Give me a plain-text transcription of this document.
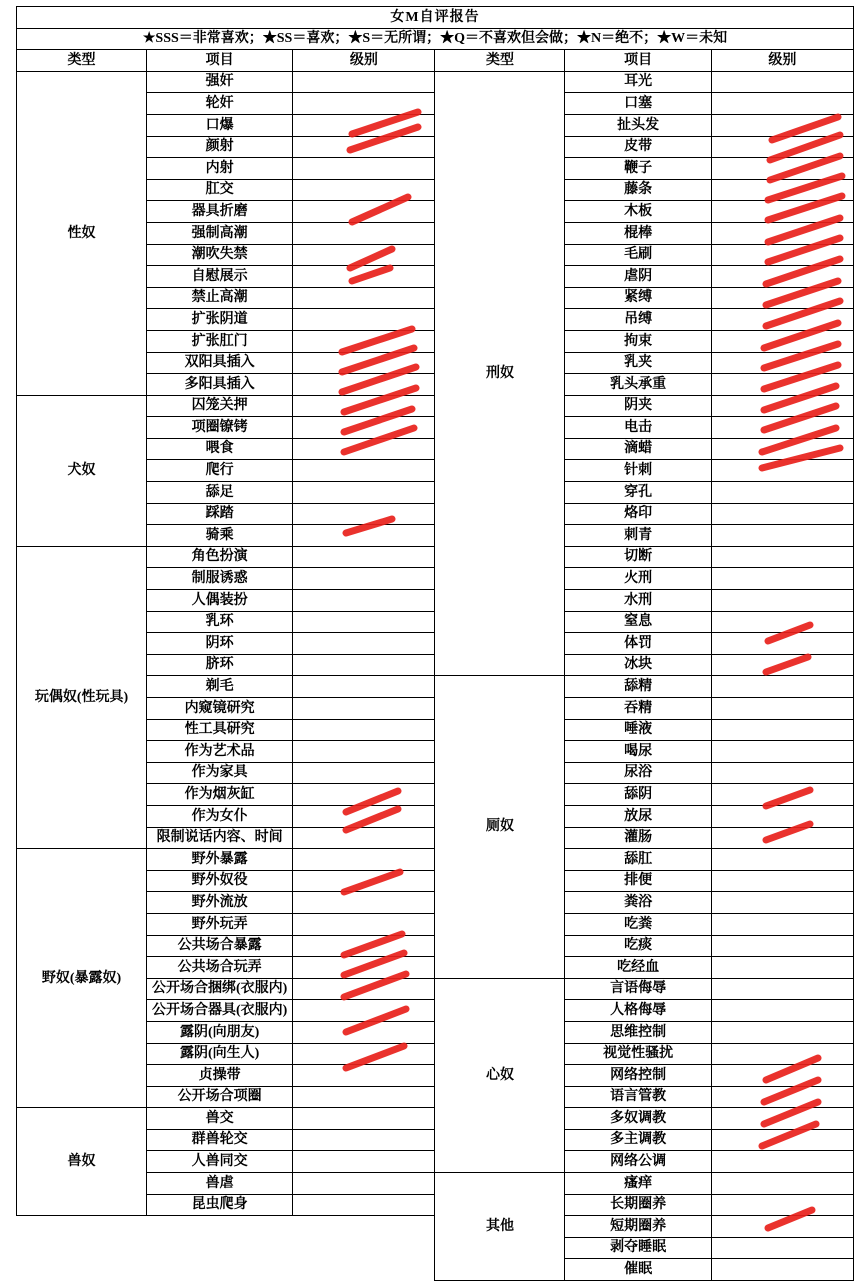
女M自评报告					
★SSS＝非常喜欢；★SS＝喜欢；★S＝无所谓；★Q＝不喜欢但会做；★N＝绝不；★W＝未知					
类型	项目	级别	类型	项目	级别
性奴	强奸		刑奴	耳光	
	轮奸			口塞	
	口爆			扯头发	
	颜射			皮带	
	内射			鞭子	
	肛交			藤条	
	器具折磨			木板	
	强制高潮			棍棒	
	潮吹失禁			毛刷	
	自慰展示			虐阴	
	禁止高潮			紧缚	
	扩张阴道			吊缚	
	扩张肛门			拘束	
	双阳具插入			乳夹	
	多阳具插入			乳头承重	
犬奴	囚笼关押			阴夹	
	项圈镣铐			电击	
	喂食			滴蜡	
	爬行			针刺	
	舔足			穿孔	
	踩踏			烙印	
	骑乘			刺青	
玩偶奴(性玩具)	角色扮演			切断	
	制服诱惑			火刑	
	人偶装扮			水刑	
	乳环			窒息	
	阴环			体罚	
	脐环			冰块	
	剃毛		厕奴	舔精	
	内窥镜研究			吞精	
	性工具研究			唾液	
	作为艺术品			喝尿	
	作为家具			尿浴	
	作为烟灰缸			舔阴	
	作为女仆			放尿	
	限制说话内容、时间			灌肠	
野奴(暴露奴)	野外暴露			舔肛	
	野外奴役			排便	
	野外流放			粪浴	
	野外玩弄			吃粪	
	公共场合暴露			吃痰	
	公共场合玩弄			吃经血	
	公开场合捆绑(衣服内)		心奴	言语侮辱	
	公开场合器具(衣服内)			人格侮辱	
	露阴(向朋友)			思维控制	
	露阴(向生人)			视觉性骚扰	
	贞操带			网络控制	
	公开场合项圈			语言管教	
兽奴	兽交			多奴调教	
	群兽轮交			多主调教	
	人兽同交			网络公调	
	兽虐		其他	瘙痒	
	昆虫爬身			长期圈养	
				短期圈养	
				剥夺睡眠	
				催眠	
